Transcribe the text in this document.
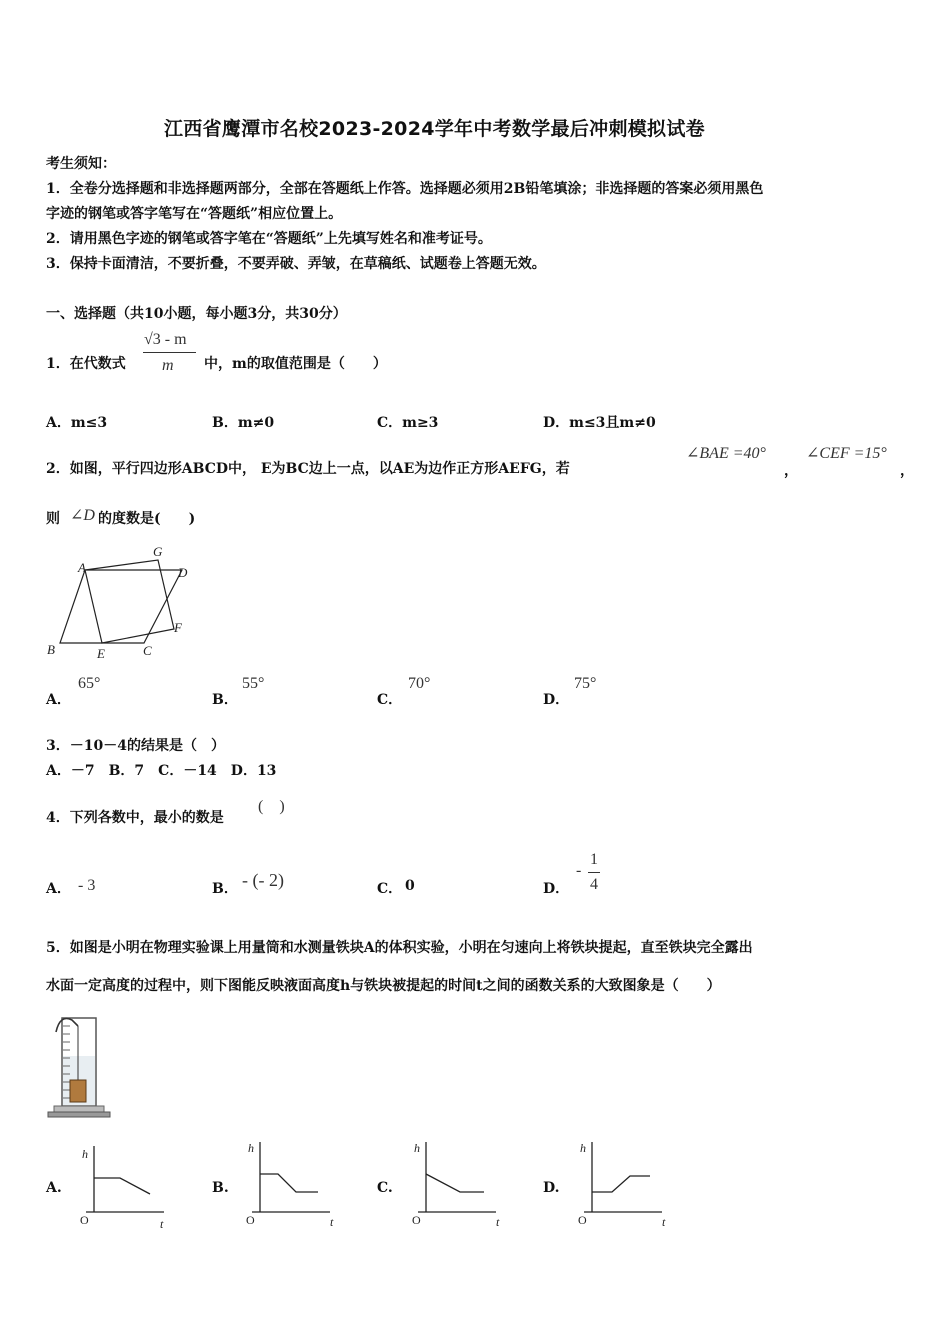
江西省鹰潭市名校2023-2024学年中考数学最后冲刺模拟试卷
考生须知：
1．全卷分选择题和非选择题两部分，全部在答题纸上作答。选择题必须用2B铅笔填涂；非选择题的答案必须用黑色
字迹的钢笔或答字笔写在“答题纸”相应位置上。
2．请用黑色字迹的钢笔或答字笔在“答题纸”上先填写姓名和准考证号。
3．保持卡面清洁，不要折叠，不要弄破、弄皱，在草稿纸、试题卷上答题无效。
一、选择题（共10小题，每小题3分，共30分）
1．在代数式
√3 - m
m 中，m的取值范围是（　　）
A．m≤3	B．m≠0	C．m≥3	D．m≤3且m≠0
2．如图，平行四边形ABCD中， E为BC边上一点，以AE为边作正方形AEFG，若
∠BAE =40°
，
∠CEF =15°
，
则 ∠D 的度数是(　　)
A
G
D
F
B	E	C
A．
65°
B．
55°
C．
70°
D．
75°
3．－10－4的结果是（　）
A．－7　B．7　C．－14　D．13
4．下列各数中，最小的数是
(　)
A． - 3	B． - (- 2)	C． 0	D．
-
1
4
5．如图是小明在物理实验课上用量筒和水测量铁块A的体积实验，小明在匀速向上将铁块提起，直至铁块完全露出
水面一定高度的过程中，则下图能反映液面高度h与铁块被提起的时间t之间的函数关系的大致图象是（　　）
A.
h
t
O
B.
h
t
O
C.
h
t
O
D.
h
t
O
